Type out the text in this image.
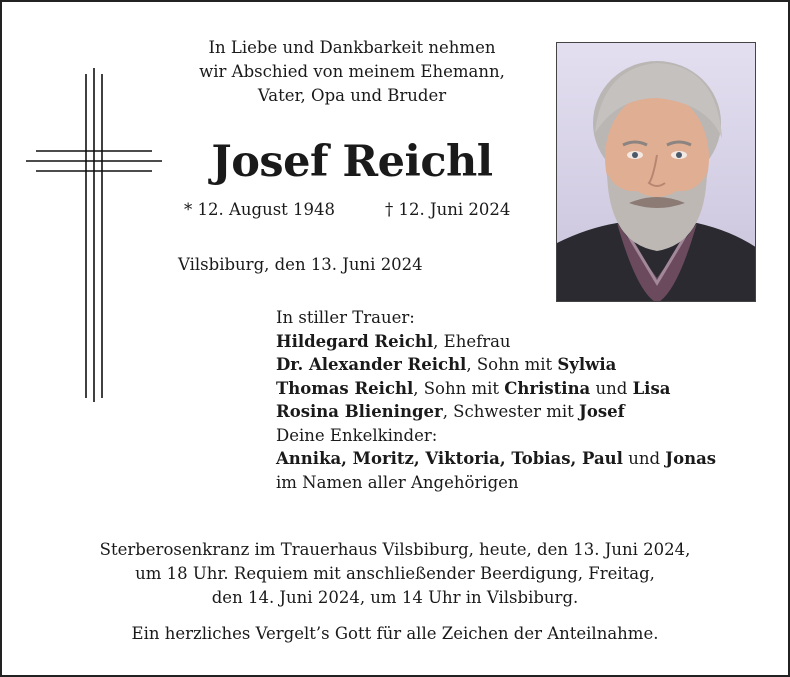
In Liebe und Dankbarkeit nehmen
wir Abschied von meinem Ehemann,
Vater, Opa und Bruder
Josef Reichl
* 12. August 1948	† 12. Juni 2024
Vilsbiburg, den 13. Juni 2024
In stiller Trauer:
Hildegard Reichl, Ehefrau
Dr. Alexander Reichl, Sohn mit Sylwia
Thomas Reichl, Sohn mit Christina und Lisa
Rosina Blieninger, Schwester mit Josef
Deine Enkelkinder:
Annika, Moritz, Viktoria, Tobias, Paul und Jonas
im Namen aller Angehörigen
Sterberosenkranz im Trauerhaus Vilsbiburg, heute, den 13. Juni 2024,
um 18 Uhr. Requiem mit anschließender Beerdigung, Freitag,
den 14. Juni 2024, um 14 Uhr in Vilsbiburg.
Ein herzliches Vergelt’s Gott für alle Zeichen der Anteilnahme.
